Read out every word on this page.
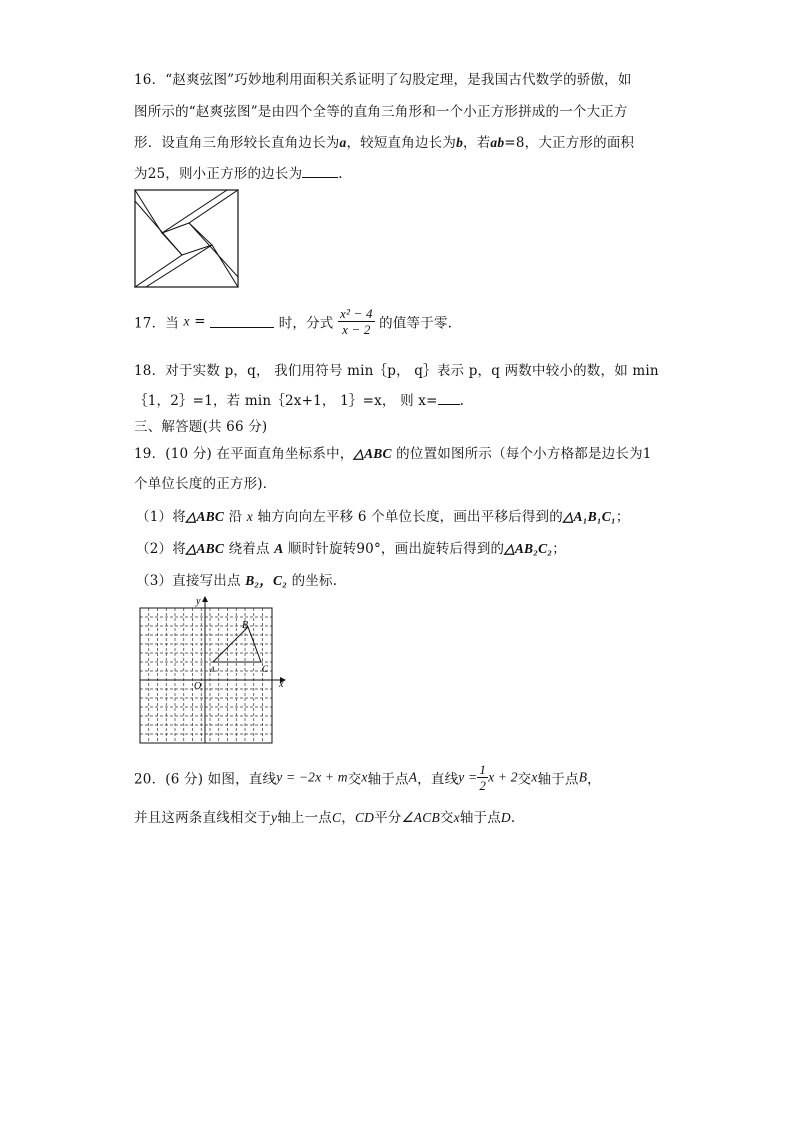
16．“赵爽弦图”巧妙地利用面积关系证明了勾股定理，是我国古代数学的骄傲，如
图所示的“赵爽弦图”是由四个全等的直角三角形和一个小正方形拼成的一个大正方
形．设直角三角形较长直角边长为a，较短直角边长为b，若ab=8，大正方形的面积
为25，则小正方形的边长为	.
17．当 x =	时，分式 $\frac{\text{x² − 4}}{x - 2}$ 的值等于零.
18．对于实数 p，q， 我们用符号 min｛p， q｝表示 p，q 两数中较小的数，如 min
｛1，2｝=1，若 min｛2x+1， 1｝=x， 则 x= .
三、解答题(共 66 分)
19．(10 分) 在平面直角坐标系中，△ABC 的位置如图所示（每个小方格都是边长为1
个单位长度的正方形)．
（1）将△ABC 沿 x 轴方向向左平移 6 个单位长度，画出平移后得到的△A₁B₁C₁；
（2）将△ABC 绕着点 A 顺时针旋转90°，画出旋转后得到的△AB₂C₂；
（3）直接写出点 B₂，C₂ 的坐标.
y
x
O
A
B
C
20．(6 分) 如图，直线y = −2x + m交x轴于点A，直线$y = \frac{1}{2}$ x + 2交x轴于点B，
并且这两条直线相交于y轴上一点C，CD平分∠ACB交x轴于点D.
